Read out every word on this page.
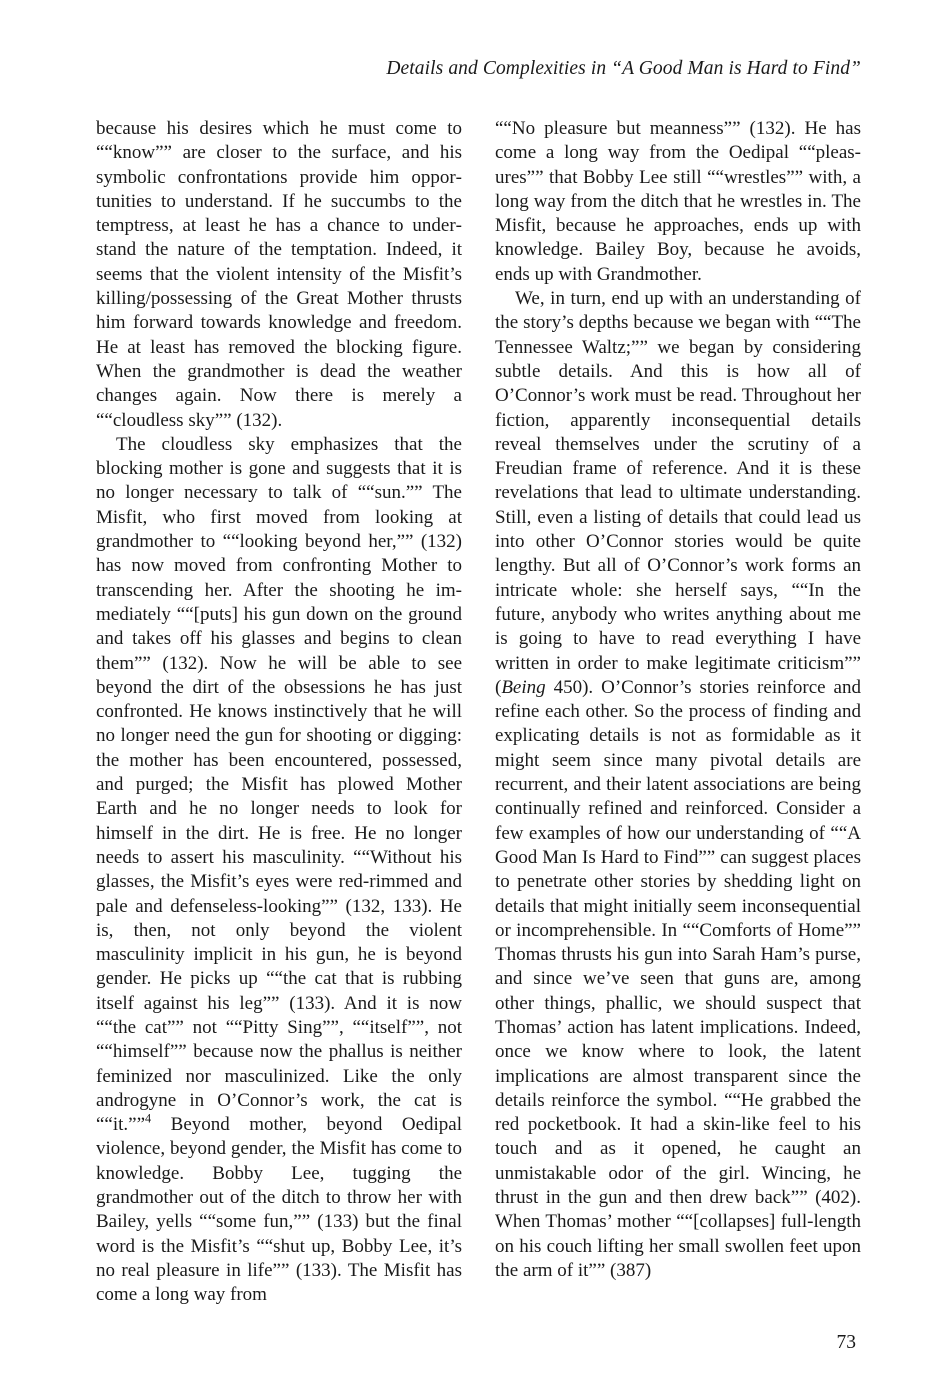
Details and Complexities in “A Good Man is Hard to Find”

because his desires which he must come to ““know”” are closer to the surface, and his symbolic confrontations provide him opportunities to understand. If he succumbs to the temptress, at least he has a chance to understand the nature of the temptation. Indeed, it seems that the violent intensity of the Misfit’s killing/possessing of the Great Mother thrusts him forward towards knowledge and freedom. He at least has removed the blocking figure. When the grandmother is dead the weather changes again. Now there is merely a ““cloudless sky”” (132).

The cloudless sky emphasizes that the blocking mother is gone and suggests that it is no longer necessary to talk of ““sun.”” The Misfit, who first moved from looking at grandmother to ““looking beyond her,”” (132) has now moved from confronting Mother to transcending her. After the shooting he immediately ““[puts] his gun down on the ground and takes off his glasses and begins to clean them”” (132). Now he will be able to see beyond the dirt of the obsessions he has just confronted. He knows instinctively that he will no longer need the gun for shooting or digging: the mother has been encountered, possessed, and purged; the Misfit has plowed Mother Earth and he no longer needs to look for himself in the dirt. He is free. He no longer needs to assert his masculinity. ““Without his glasses, the Misfit’s eyes were red-rimmed and pale and defenseless-looking”” (132, 133). He is, then, not only beyond the violent masculinity implicit in his gun, he is beyond gender. He picks up ““the cat that is rubbing itself against his leg”” (133). And it is now ““the cat”” not ““Pitty Sing””, ““itself””, not ““himself”” because now the phallus is neither feminized nor masculinized. Like the only androgyne in O’Connor’s work, the cat is ““it.””$^4$ Beyond mother, beyond Oedipal violence, beyond gender, the Misfit has come to knowledge. Bobby Lee, tugging the grandmother out of the ditch to throw her with Bailey, yells ““some fun,”” (133) but the final word is the Misfit’s ““shut up, Bobby Lee, it’s no real pleasure in life”” (133). The Misfit has come a long way from

““No pleasure but meanness”” (132). He has come a long way from the Oedipal ““pleasures”” that Bobby Lee still ““wrestles”” with, a long way from the ditch that he wrestles in. The Misfit, because he approaches, ends up with knowledge. Bailey Boy, because he avoids, ends up with Grandmother.

We, in turn, end up with an understanding of the story’s depths because we began with ““The Tennessee Waltz;”” we began by considering subtle details. And this is how all of O’Connor’s work must be read. Throughout her fiction, apparently inconsequential details reveal themselves under the scrutiny of a Freudian frame of reference. And it is these revelations that lead to ultimate understanding. Still, even a listing of details that could lead us into other O’Connor stories would be quite lengthy. But all of O’Connor’s work forms an intricate whole: she herself says, ““In the future, anybody who writes anything about me is going to have to read everything I have written in order to make legitimate criticism”” (Being 450). O’Connor’s stories reinforce and refine each other. So the process of finding and explicating details is not as formidable as it might seem since many pivotal details are recurrent, and their latent associations are being continually refined and reinforced. Consider a few examples of how our understanding of ““A Good Man Is Hard to Find”” can suggest places to penetrate other stories by shedding light on details that might initially seem inconsequential or incomprehensible. In ““Comforts of Home”” Thomas thrusts his gun into Sarah Ham’s purse, and since we’ve seen that guns are, among other things, phallic, we should suspect that Thomas’ action has latent implications. Indeed, once we know where to look, the latent implications are almost transparent since the details reinforce the symbol. ““He grabbed the red pocketbook. It had a skin-like feel to his touch and as it opened, he caught an unmistakable odor of the girl. Wincing, he thrust in the gun and then drew back”” (402). When Thomas’ mother ““[collapses] full-length on his couch lifting her small swollen feet upon the arm of it”” (387)

73
